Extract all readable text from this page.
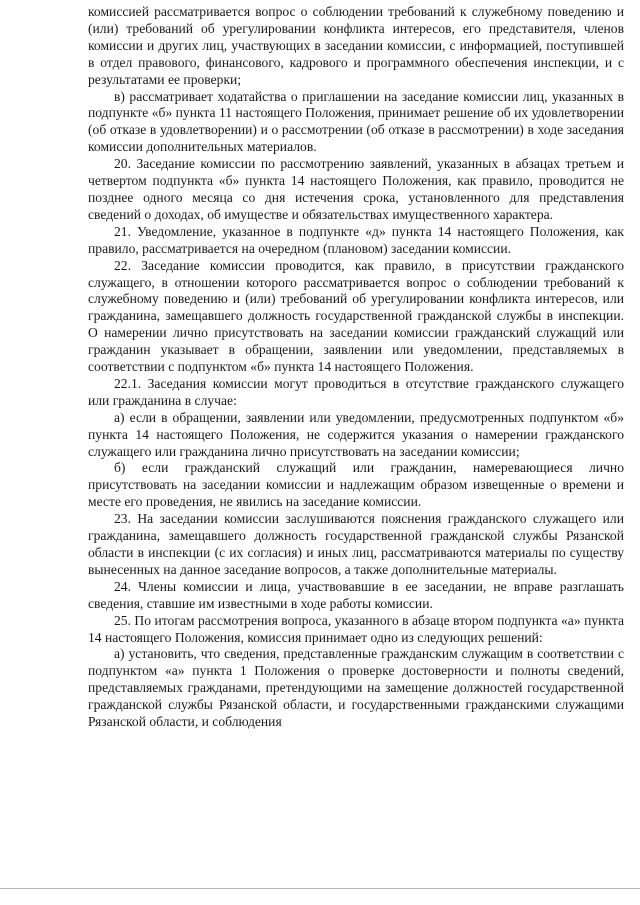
комиссией рассматривается вопрос о соблюдении требований к служебному поведению и (или) требований об урегулировании конфликта интересов, его представителя, членов комиссии и других лиц, участвующих в заседании комиссии, с информацией, поступившей в отдел правового, финансового, кадрового и программного обеспечения инспекции, и с результатами ее проверки;

в) рассматривает ходатайства о приглашении на заседание комиссии лиц, указанных в подпункте «б» пункта 11 настоящего Положения, принимает решение об их удовлетворении (об отказе в удовлетворении) и о рассмотрении (об отказе в рассмотрении) в ходе заседания комиссии дополнительных материалов.

20. Заседание комиссии по рассмотрению заявлений, указанных в абзацах третьем и четвертом подпункта «б» пункта 14 настоящего Положения, как правило, проводится не позднее одного месяца со дня истечения срока, установленного для представления сведений о доходах, об имуществе и обязательствах имущественного характера.

21. Уведомление, указанное в подпункте «д» пункта 14 настоящего Положения, как правило, рассматривается на очередном (плановом) заседании комиссии.

22. Заседание комиссии проводится, как правило, в присутствии гражданского служащего, в отношении которого рассматривается вопрос о соблюдении требований к служебному поведению и (или) требований об урегулировании конфликта интересов, или гражданина, замещавшего должность государственной гражданской службы в инспекции. О намерении лично присутствовать на заседании комиссии гражданский служащий или гражданин указывает в обращении, заявлении или уведомлении, представляемых в соответствии с подпунктом «б» пункта 14 настоящего Положения.

22.1. Заседания комиссии могут проводиться в отсутствие гражданского служащего или гражданина в случае:

а) если в обращении, заявлении или уведомлении, предусмотренных подпунктом «б» пункта 14 настоящего Положения, не содержится указания о намерении гражданского служащего или гражданина лично присутствовать на заседании комиссии;

б) если гражданский служащий или гражданин, намеревающиеся лично присутствовать на заседании комиссии и надлежащим образом извещенные о времени и месте его проведения, не явились на заседание комиссии.

23. На заседании комиссии заслушиваются пояснения гражданского служащего или гражданина, замещавшего должность государственной гражданской службы Рязанской области в инспекции (с их согласия) и иных лиц, рассматриваются материалы по существу вынесенных на данное заседание вопросов, а также дополнительные материалы.

24. Члены комиссии и лица, участвовавшие в ее заседании, не вправе разглашать сведения, ставшие им известными в ходе работы комиссии.

25. По итогам рассмотрения вопроса, указанного в абзаце втором подпункта «а» пункта 14 настоящего Положения, комиссия принимает одно из следующих решений:

а) установить, что сведения, представленные гражданским служащим в соответствии с подпунктом «а» пункта 1 Положения о проверке достоверности и полноты сведений, представляемых гражданами, претендующими на замещение должностей государственной гражданской службы Рязанской области, и государственными гражданскими служащими Рязанской области, и соблюдения
